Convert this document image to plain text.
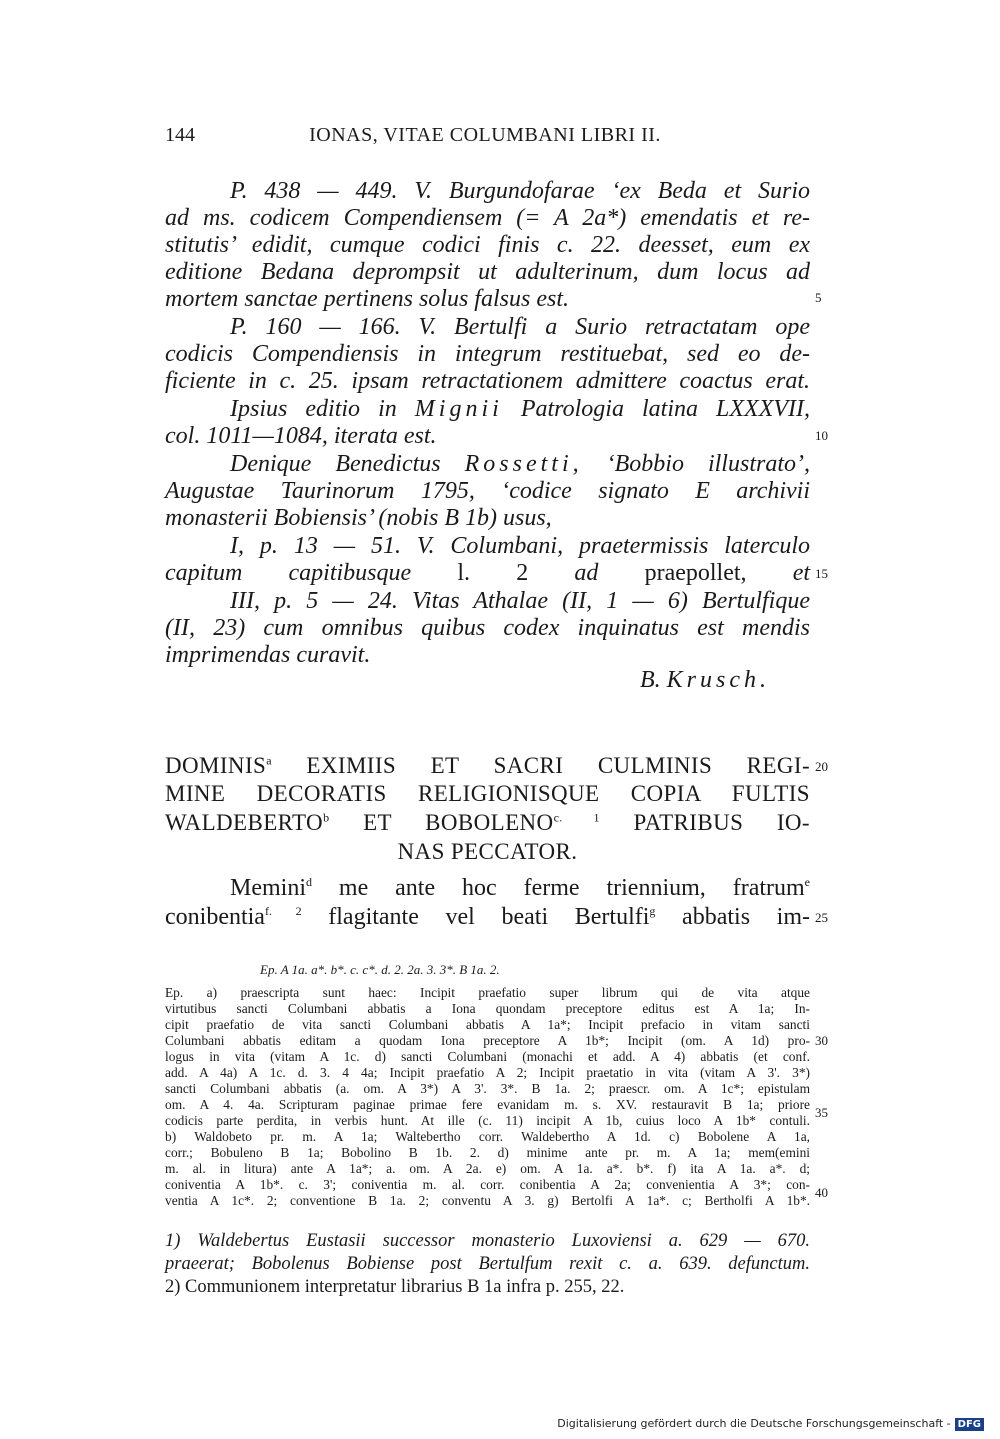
144	IONAS, VITAE COLUMBANI LIBRI II.
P. 438 — 449. V. Burgundofarae ‘ex Beda et Surio
ad ms. codicem Compendiensem (= A 2a*) emendatis et re-
stitutis’ edidit, cumque codici finis c. 22. deesset, eum ex
editione Bedana deprompsit ut adulterinum, dum locus ad
mortem sanctae pertinens solus falsus est.
P. 160 — 166. V. Bertulfi a Surio retractatam ope
codicis Compendiensis in integrum restituebat, sed eo de-
ficiente in c. 25. ipsam retractationem admittere coactus erat.
Ipsius editio in Mignii Patrologia latina LXXXVII,
col. 1011—1084, iterata est.
Denique Benedictus Rossetti, ‘Bobbio illustrato’,
Augustae Taurinorum 1795, ‘codice signato E archivii
monasterii Bobiensis’ (nobis B 1b) usus,
I, p. 13 — 51. V. Columbani, praetermissis laterculo
capitum capitibusque l. 2 ad praepollet, et
III, p. 5 — 24. Vitas Athalae (II, 1 — 6) Bertulfique
(II, 23) cum omnibus quibus codex inquinatus est mendis
imprimendas curavit.
B. Krusch.
DOMINIS$^a$ EXIMIIS ET SACRI CULMINIS REGI-
MINE DECORATIS RELIGIONISQUE COPIA FULTIS
WALDEBERTO$^b$ ET $BOBOLENO^{c. 1}$ PATRIBUS IO-
NAS PECCATOR.
Memini$^d$ me ante hoc ferme triennium, fratrum$^e$
conibentia$^{f. 2}$ flagitante vel beati Bertulfi$^g$ abbatis im-
Ep. A 1a. a*. b*. c. c*. d. 2. 2a. 3. 3*. B 1a. 2.
Ep. a) praescripta sunt haec: Incipit praefatio super librum qui de vita atque
virtutibus sancti Columbani abbatis a Iona quondam preceptore editus est A 1a; In-
cipit praefatio de vita sancti Columbani abbatis A 1a*; Incipit prefacio in vitam sancti
Columbani abbatis editam a quodam Iona preceptore A 1b*; Incipit (om. A 1d) pro-
logus in vita (vitam A 1c. d) sancti Columbani (monachi et add. A 4) abbatis (et conf.
add. A 4a) A 1c. d. 3. 4 4a; Incipit praefatio A 2; Incipit praetatio in vita (vitam A 3'. 3*)
sancti Columbani abbatis (a. om. A 3*) A 3'. 3*. B 1a. 2; praescr. om. A 1c*; epistulam
om. A 4. 4a. Scripturam paginae primae fere evanidam m. s. XV. restauravit B 1a; priore
codicis parte perdita, in verbis hunt. At ille (c. 11) incipit A 1b, cuius loco A 1b* contuli.
b) Waldobeto pr. m. A 1a; Waltebertho corr. Waldebertho A 1d. c) Bobolene A 1a,
corr.; Bobuleno B 1a; Bobolino B 1b. 2. d) minime ante pr. m. A 1a; mem(emini
m. al. in litura) ante A 1a*; a. om. A 2a. e) om. A 1a. a*. b*. f) ita A 1a. a*. d;
coniventia A 1b*. c. 3'; coniventia m. al. corr. conibentia A 2a; convenientia A 3*; con-
ventia A 1c*. 2; conventione B 1a. 2; conventu A 3. g) Bertolfi A 1a*. c; Bertholfi A 1b*.
1) Waldebertus Eustasii successor monasterio Luxoviensi a. 629 — 670.
praeerat; Bobolenus Bobiense post Bertulfum rexit c. a. 639. defunctum.
2) Communionem interpretatur librarius B 1a infra p. 255, 22.
5
10
15
20
25
30
35
40
Digitalisierung gefördert durch die Deutsche Forschungsgemeinschaft - DFG
